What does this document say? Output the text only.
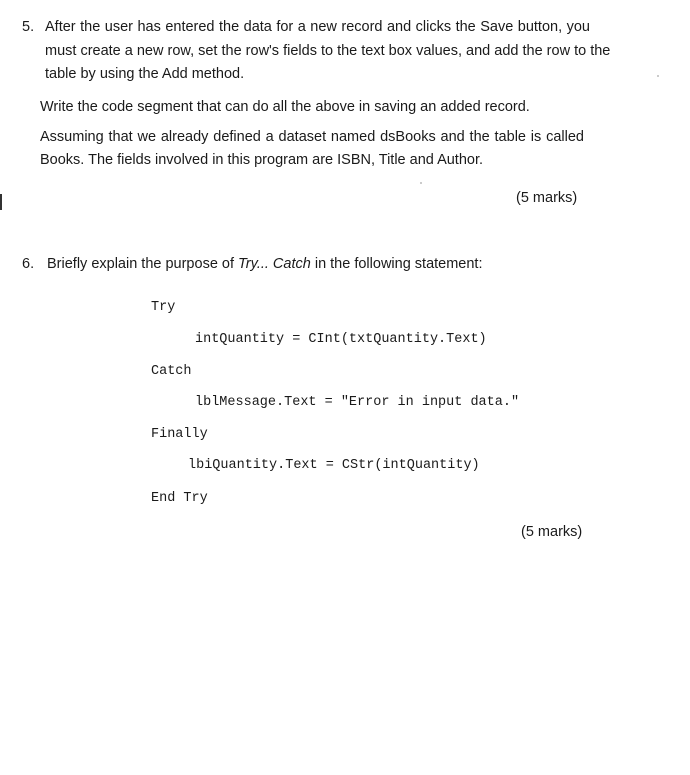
5. After the user has entered the data for a new record and clicks the Save button, you
must create a new row, set the row's fields to the text box values, and add the row to the
table by using the Add method.
Write the code segment that can do all the above in saving an added record.
Assuming that we already defined a dataset named dsBooks and the table is called
Books. The fields involved in this program are ISBN, Title and Author.
(5 marks)
6. Briefly explain the purpose of Try... Catch in the following statement:
Try
intQuantity = CInt(txtQuantity.Text)
Catch
lblMessage.Text = "Error in input data."
Finally
lbiQuantity.Text = CStr(intQuantity)
End Try
(5 marks)
